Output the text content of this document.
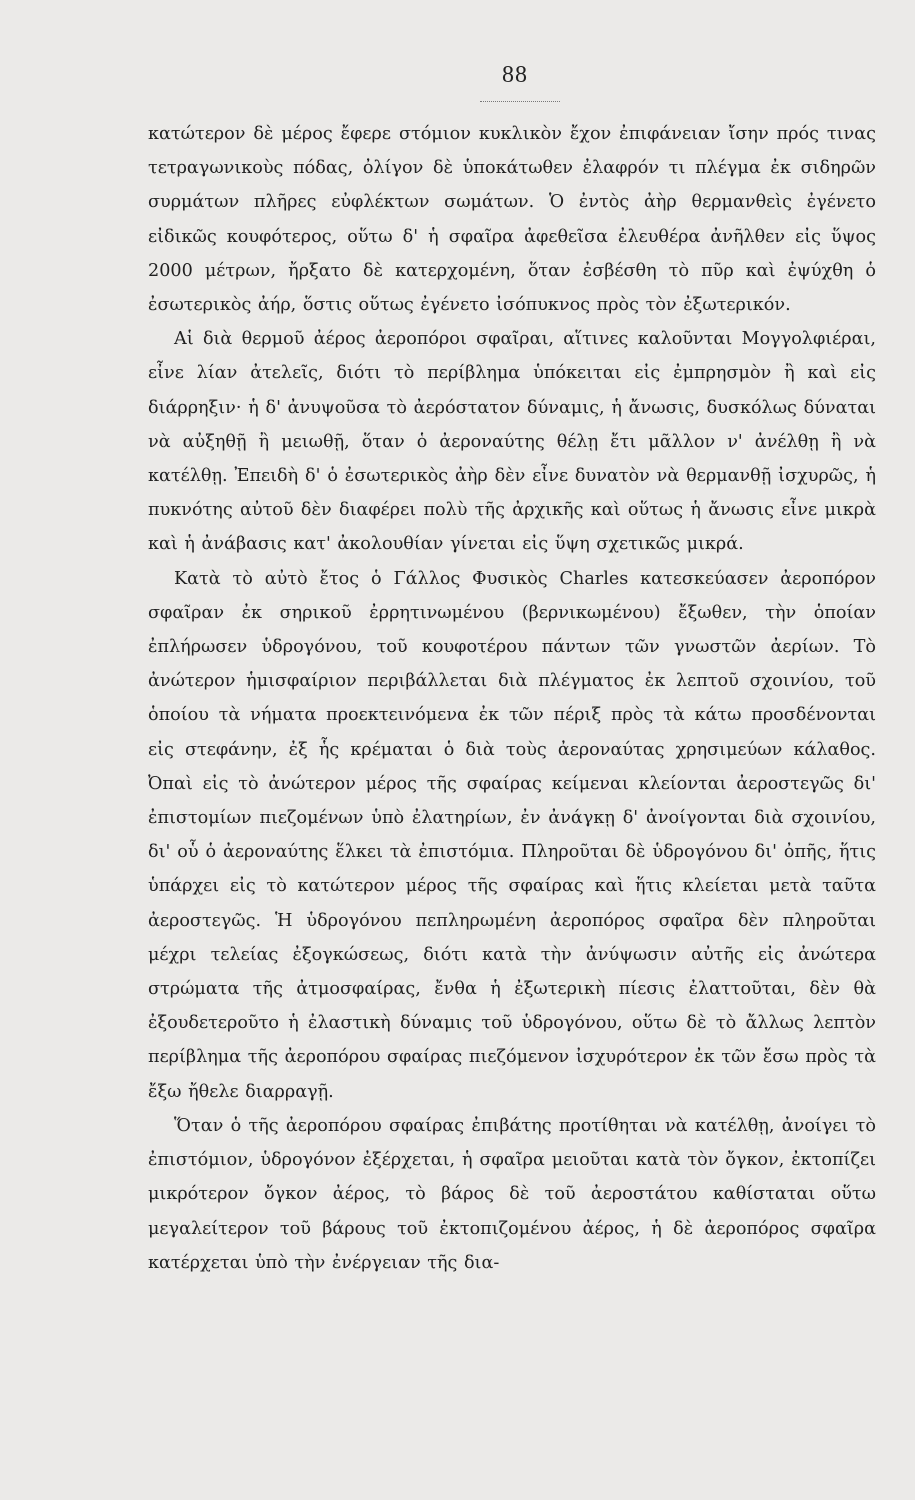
88

κατώτερον δὲ μέρος ἔφερε στόμιον κυκλικὸν ἔχον ἐπιφάνειαν ἴσην πρός τινας τετραγωνικοὺς πόδας, ὀλίγον δὲ ὑποκάτωθεν ἐλαφρόν τι πλέγμα ἐκ σιδηρῶν συρμάτων πλῆρες εὐφλέκτων σωμάτων. Ὁ ἐντὸς ἀὴρ θερμανθεὶς ἐγένετο εἰδικῶς κουφότερος, οὕτω δ' ἡ σφαῖρα ἀφεθεῖσα ἐλευθέρα ἀνῆλθεν εἰς ὕψος 2000 μέτρων, ἤρξατο δὲ κατερχομένη, ὅταν ἐσβέσθη τὸ πῦρ καὶ ἐψύχθη ὁ ἐσωτερικὸς ἀήρ, ὅστις οὕτως ἐγένετο ἰσόπυκνος πρὸς τὸν ἐξωτερικόν.

Αἱ διὰ θερμοῦ ἀέρος ἀεροπόροι σφαῖραι, αἵτινες καλοῦνται Μογγολφιέραι, εἶνε λίαν ἀτελεῖς, διότι τὸ περίβλημα ὑπόκειται εἰς ἐμπρησμὸν ἢ καὶ εἰς διάρρηξιν· ἡ δ' ἀνυψοῦσα τὸ ἀερόστατον δύναμις, ἡ ἄνωσις, δυσκόλως δύναται νὰ αὐξηθῇ ἢ μειωθῇ, ὅταν ὁ ἀεροναύτης θέλῃ ἔτι μᾶλλον ν' ἀνέλθῃ ἢ νὰ κατέλθῃ. Ἐπειδὴ δ' ὁ ἐσωτερικὸς ἀὴρ δὲν εἶνε δυνατὸν νὰ θερμανθῇ ἰσχυρῶς, ἡ πυκνότης αὐτοῦ δὲν διαφέρει πολὺ τῆς ἀρχικῆς καὶ οὕτως ἡ ἄνωσις εἶνε μικρὰ καὶ ἡ ἀνάβασις κατ' ἀκολουθίαν γίνεται εἰς ὕψη σχετικῶς μικρά.

Κατὰ τὸ αὐτὸ ἔτος ὁ Γάλλος Φυσικὸς Charles κατεσκεύασεν ἀεροπόρον σφαῖραν ἐκ σηρικοῦ ἐρρητινωμένου (βερνικωμένου) ἔξωθεν, τὴν ὁποίαν ἐπλήρωσεν ὑδρογόνου, τοῦ κουφοτέρου πάντων τῶν γνωστῶν ἀερίων. Τὸ ἀνώτερον ἡμισφαίριον περιβάλλεται διὰ πλέγματος ἐκ λεπτοῦ σχοινίου, τοῦ ὁποίου τὰ νήματα προεκτεινόμενα ἐκ τῶν πέριξ πρὸς τὰ κάτω προσδένονται εἰς στεφάνην, ἐξ ἧς κρέμαται ὁ διὰ τοὺς ἀεροναύτας χρησιμεύων κάλαθος. Ὀπαὶ εἰς τὸ ἀνώτερον μέρος τῆς σφαίρας κείμεναι κλείονται ἀεροστεγῶς δι' ἐπιστομίων πιεζομένων ὑπὸ ἐλατηρίων, ἐν ἀνάγκῃ δ' ἀνοίγονται διὰ σχοινίου, δι' οὗ ὁ ἀεροναύτης ἕλκει τὰ ἐπιστόμια. Πληροῦται δὲ ὑδρογόνου δι' ὀπῆς, ἥτις ὑπάρχει εἰς τὸ κατώτερον μέρος τῆς σφαίρας καὶ ἥτις κλείεται μετὰ ταῦτα ἀεροστεγῶς. Ἡ ὑδρογόνου πεπληρωμένη ἀεροπόρος σφαῖρα δὲν πληροῦται μέχρι τελείας ἐξογκώσεως, διότι κατὰ τὴν ἀνύψωσιν αὐτῆς εἰς ἀνώτερα στρώματα τῆς ἀτμοσφαίρας, ἔνθα ἡ ἐξωτερικὴ πίεσις ἐλαττοῦται, δὲν θὰ ἐξουδετεροῦτο ἡ ἐλαστικὴ δύναμις τοῦ ὑδρογόνου, οὕτω δὲ τὸ ἄλλως λεπτὸν περίβλημα τῆς ἀεροπόρου σφαίρας πιεζόμενον ἰσχυρότερον ἐκ τῶν ἔσω πρὸς τὰ ἔξω ἤθελε διαρραγῇ.

Ὅταν ὁ τῆς ἀεροπόρου σφαίρας ἐπιβάτης προτίθηται νὰ κατέλθῃ, ἀνοίγει τὸ ἐπιστόμιον, ὑδρογόνον ἐξέρχεται, ἡ σφαῖρα μειοῦται κατὰ τὸν ὄγκον, ἐκτοπίζει μικρότερον ὄγκον ἀέρος, τὸ βάρος δὲ τοῦ ἀεροστάτου καθίσταται οὕτω μεγαλείτερον τοῦ βάρους τοῦ ἐκτοπιζομένου ἀέρος, ἡ δὲ ἀεροπόρος σφαῖρα κατέρχεται ὑπὸ τὴν ἐνέργειαν τῆς δια-
